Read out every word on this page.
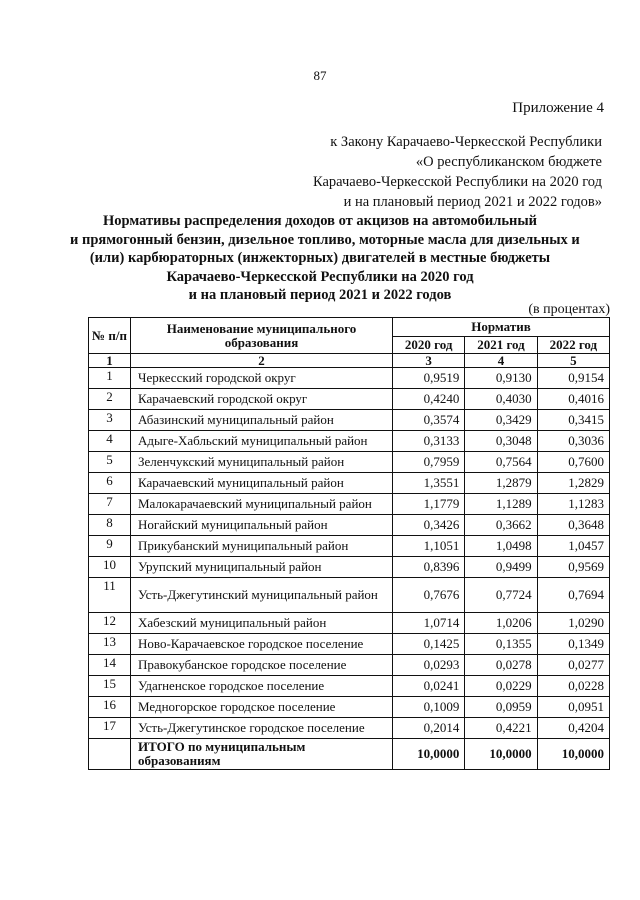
87
Приложение 4
к Закону Карачаево-Черкесской Республики
«О республиканском бюджете
Карачаево-Черкесской Республики на 2020 год
и на плановый период 2021 и 2022 годов»
Нормативы распределения доходов от акцизов на автомобильный
и прямогонный бензин, дизельное топливо, моторные масла для дизельных и
(или) карбюраторных (инжекторных) двигателей в местные бюджеты
Карачаево-Черкесской Республики на 2020 год
и на плановый период 2021 и 2022 годов
(в процентах)
№ п/п	Наименование муниципального образования	Норматив		
		2020 год	2021 год	2022 год
1	2	3	4	5
1	Черкесский городской округ	0,9519	0,9130	0,9154
2	Карачаевский городской округ	0,4240	0,4030	0,4016
3	Абазинский муниципальный район	0,3574	0,3429	0,3415
4	Адыге-Хабльский муниципальный район	0,3133	0,3048	0,3036
5	Зеленчукский муниципальный район	0,7959	0,7564	0,7600
6	Карачаевский муниципальный район	1,3551	1,2879	1,2829
7	Малокарачаевский муниципальный район	1,1779	1,1289	1,1283
8	Ногайский муниципальный район	0,3426	0,3662	0,3648
9	Прикубанский муниципальный район	1,1051	1,0498	1,0457
10	Урупский муниципальный район	0,8396	0,9499	0,9569
11	Усть-Джегутинский муниципальный район	0,7676	0,7724	0,7694
12	Хабезский муниципальный район	1,0714	1,0206	1,0290
13	Ново-Карачаевское городское поселение	0,1425	0,1355	0,1349
14	Правокубанское городское поселение	0,0293	0,0278	0,0277
15	Удarненское городское поселение	0,0241	0,0229	0,0228
16	Медногорское городское поселение	0,1009	0,0959	0,0951
17	Усть-Джегутинское городское поселение	0,2014	0,4221	0,4204
	ИТОГО по муниципальным образованиям	10,0000	10,0000	10,0000
